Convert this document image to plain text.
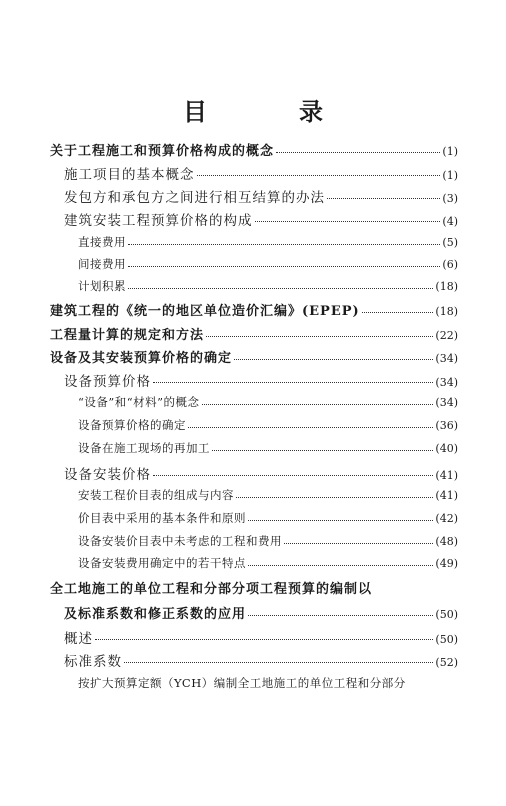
目　录
关于工程施工和预算价格构成的概念	(1)
施工项目的基本概念	(1)
发包方和承包方之间进行相互结算的办法	(3)
建筑安装工程预算价格的构成	(4)
直接费用	(5)
间接费用	(6)
计划积累	(18)
建筑工程的《统一的地区单位造价汇编》(EPEP)	(18)
工程量计算的规定和方法	(22)
设备及其安装预算价格的确定	(34)
设备预算价格	(34)
“设备”和“材料”的概念	(34)
设备预算价格的确定	(36)
设备在施工现场的再加工	(40)
设备安装价格	(41)
安装工程价目表的组成与内容	(41)
价目表中采用的基本条件和原则	(42)
设备安装价目表中未考虑的工程和费用	(48)
设备安装费用确定中的若干特点	(49)
全工地施工的单位工程和分部分项工程预算的编制以
及标准系数和修正系数的应用	(50)
概述	(50)
标准系数	(52)
按扩大预算定额（YCH）编制全工地施工的单位工程和分部分
